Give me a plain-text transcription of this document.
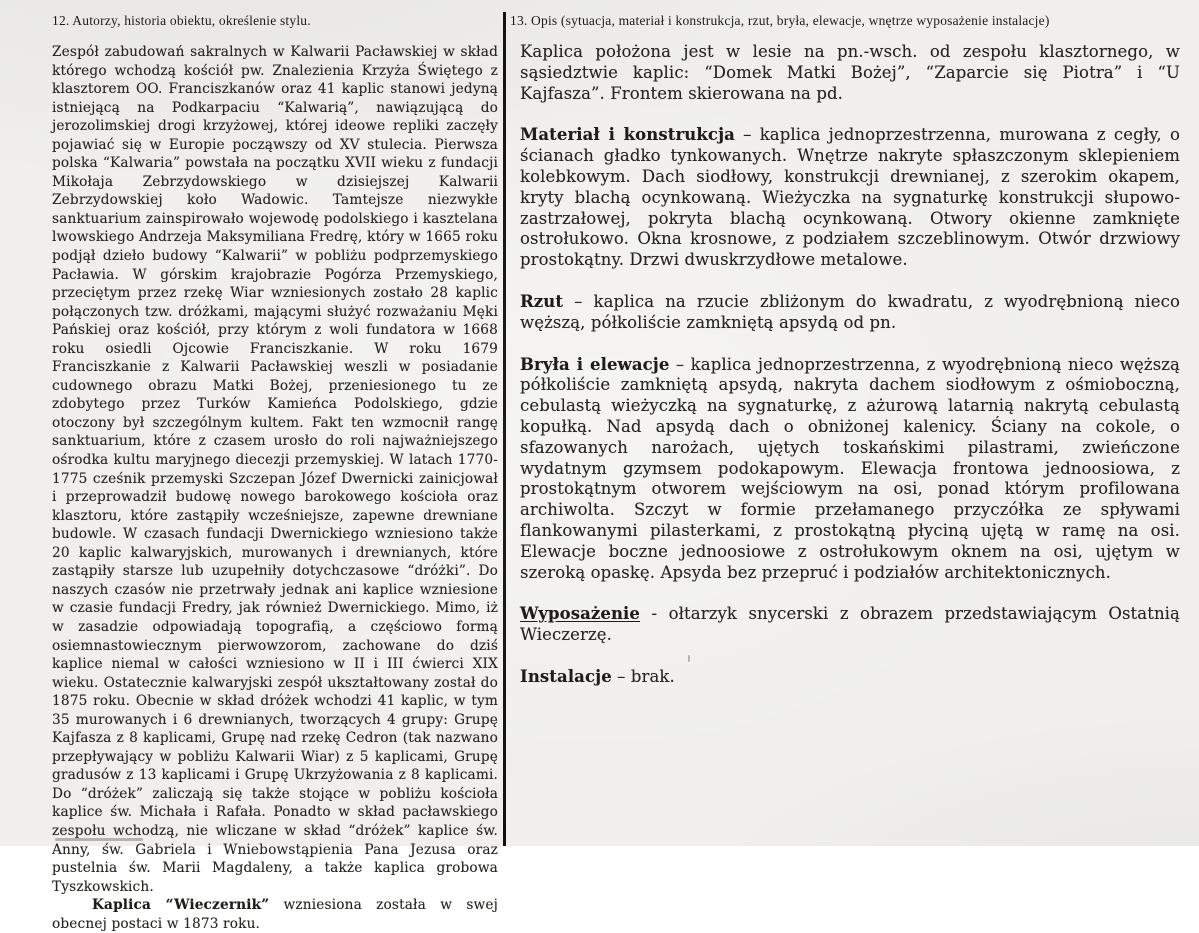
12. Autorzy, historia obiektu, określenie stylu.	13. Opis (sytuacja, materiał i konstrukcja, rzut, bryła, elewacje, wnętrze wyposażenie instalacje)

Zespół zabudowań sakralnych w Kalwarii Pacławskiej w skład którego wchodzą kościół pw. Znalezienia Krzyża Świętego z klasztorem OO. Franciszkanów oraz 41 kaplic stanowi jedyną istniejącą na Podkarpaciu “Kalwarią”, nawiązującą do jerozolimskiej drogi krzyżowej, której ideowe repliki zaczęły pojawiać się w Europie począwszy od XV stulecia. Pierwsza polska “Kalwaria” powstała na początku XVII wieku z fundacji Mikołaja Zebrzydowskiego w dzisiejszej Kalwarii Zebrzydowskiej koło Wadowic. Tamtejsze niezwykłe sanktuarium zainspirowało wojewodę podolskiego i kasztelana lwowskiego Andrzeja Maksymiliana Fredrę, który w 1665 roku podjął dzieło budowy “Kalwarii” w pobliżu podprzemyskiego Pacławia. W górskim krajobrazie Pogórza Przemyskiego, przeciętym przez rzekę Wiar wzniesionych zostało 28 kaplic połączonych tzw. dróżkami, mającymi służyć rozważaniu Męki Pańskiej oraz kościół, przy którym z woli fundatora w 1668 roku osiedli Ojcowie Franciszkanie. W roku 1679 Franciszkanie z Kalwarii Pacławskiej weszli w posiadanie cudownego obrazu Matki Bożej, przeniesionego tu ze zdobytego przez Turków Kamieńca Podolskiego, gdzie otoczony był szczególnym kultem. Fakt ten wzmocnił rangę sanktuarium, które z czasem urosło do roli najważniejszego ośrodka kultu maryjnego diecezji przemyskiej. W latach 1770-1775 cześnik przemyski Szczepan Józef Dwernicki zainicjował i przeprowadził budowę nowego barokowego kościoła oraz klasztoru, które zastąpiły wcześniejsze, zapewne drewniane budowle. W czasach fundacji Dwernickiego wzniesiono także 20 kaplic kalwaryjskich, murowanych i drewnianych, które zastąpiły starsze lub uzupełniły dotychczasowe “dróżki”. Do naszych czasów nie przetrwały jednak ani kaplice wzniesione w czasie fundacji Fredry, jak również Dwernickiego. Mimo, iż w zasadzie odpowiadają topografią, a częściowo formą osiemnastowiecznym pierwowzorom, zachowane do dziś kaplice niemal w całości wzniesiono w II i III ćwierci XIX wieku. Ostatecznie kalwaryjski zespół ukształtowany został do 1875 roku. Obecnie w skład dróżek wchodzi 41 kaplic, w tym 35 murowanych i 6 drewnianych, tworzących 4 grupy: Grupę Kajfasza z 8 kaplicami, Grupę nad rzekę Cedron (tak nazwano przepływający w pobliżu Kalwarii Wiar) z 5 kaplicami, Grupę gradusów z 13 kaplicami i Grupę Ukrzyżowania z 8 kaplicami. Do “dróżek” zaliczają się także stojące w pobliżu kościoła kaplice św. Michała i Rafała. Ponadto w skład pacławskiego zespołu wchodzą, nie wliczane w skład “dróżek” kaplice św. Anny, św. Gabriela i Wniebowstąpienia Pana Jezusa oraz pustelnia św. Marii Magdaleny, a także kaplica grobowa Tyszkowskich.

Kaplica “Wieczernik” wzniesiona została w swej obecnej postaci w 1873 roku.

Kaplica położona jest w lesie na pn.-wsch. od zespołu klasztornego, w sąsiedztwie kaplic: “Domek Matki Bożej”, “Zaparcie się Piotra” i “U Kajfasza”. Frontem skierowana na pd.

Materiał i konstrukcja – kaplica jednoprzestrzenna, murowana z cegły, o ścianach gładko tynkowanych. Wnętrze nakryte spłaszczonym sklepieniem kolebkowym. Dach siodłowy, konstrukcji drewnianej, z szerokim okapem, kryty blachą ocynkowaną. Wieżyczka na sygnaturkę konstrukcji słupowo-zastrzałowej, pokryta blachą ocynkowaną. Otwory okienne zamknięte ostrołukowo. Okna krosnowe, z podziałem szczeblinowym. Otwór drzwiowy prostokątny. Drzwi dwuskrzydłowe metalowe.

Rzut – kaplica na rzucie zbliżonym do kwadratu, z wyodrębnioną nieco węższą, półkoliście zamkniętą apsydą od pn.

Bryła i elewacje – kaplica jednoprzestrzenna, z wyodrębnioną nieco węższą półkoliście zamkniętą apsydą, nakryta dachem siodłowym z ośmioboczną, cebulastą wieżyczką na sygnaturkę, z ażurową latarnią nakrytą cebulastą kopułką. Nad apsydą dach o obniżonej kalenicy. Ściany na cokole, o sfazowanych narożach, ujętych toskańskimi pilastrami, zwieńczone wydatnym gzymsem podokapowym. Elewacja frontowa jednoosiowa, z prostokątnym otworem wejściowym na osi, ponad którym profilowana archiwolta. Szczyt w formie przełamanego przyczółka ze spływami flankowanymi pilasterkami, z prostokątną płyciną ujętą w ramę na osi. Elewacje boczne jednoosiowe z ostrołukowym oknem na osi, ujętym w szeroką opaskę. Apsyda bez przepruć i podziałów architektonicznych.

Wyposażenie - ołtarzyk snycerski z obrazem przedstawiającym Ostatnią Wieczerzę.

Instalacje – brak.
